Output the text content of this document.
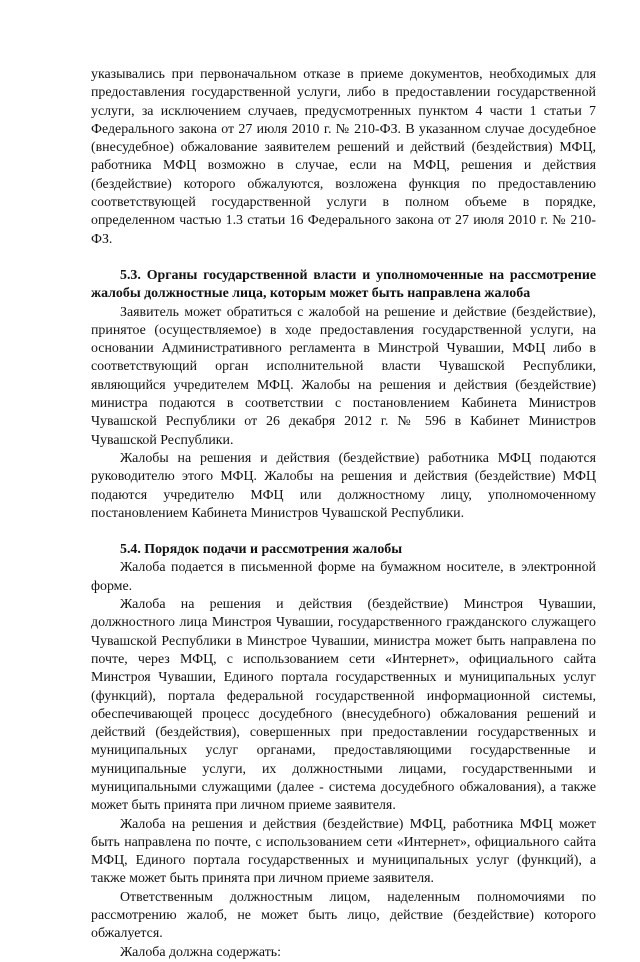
указывались при первоначальном отказе в приеме документов, необходимых для предоставления государственной услуги, либо в предоставлении государственной услуги, за исключением случаев, предусмотренных пунктом 4 части 1 статьи 7 Федерального закона от 27 июля 2010 г. № 210-ФЗ. В указанном случае досудебное (внесудебное) обжалование заявителем решений и действий (бездействия) МФЦ, работника МФЦ возможно в случае, если на МФЦ, решения и действия (бездействие) которого обжалуются, возложена функция по предоставлению соответствующей государственной услуги в полном объеме в порядке, определенном частью 1.3 статьи 16 Федерального закона от 27 июля 2010 г. № 210-ФЗ.

5.3. Органы государственной власти и уполномоченные на рассмотрение жалобы должностные лица, которым может быть направлена жалоба

Заявитель может обратиться с жалобой на решение и действие (бездействие), принятое (осуществляемое) в ходе предоставления государственной услуги, на основании Административного регламента в Минстрой Чувашии, МФЦ либо в соответствующий орган исполнительной власти Чувашской Республики, являющийся учредителем МФЦ. Жалобы на решения и действия (бездействие) министра подаются в соответствии с постановлением Кабинета Министров Чувашской Республики от 26 декабря 2012 г. № 596 в Кабинет Министров Чувашской Республики.

Жалобы на решения и действия (бездействие) работника МФЦ подаются руководителю этого МФЦ. Жалобы на решения и действия (бездействие) МФЦ подаются учредителю МФЦ или должностному лицу, уполномоченному постановлением Кабинета Министров Чувашской Республики.

5.4. Порядок подачи и рассмотрения жалобы

Жалоба подается в письменной форме на бумажном носителе, в электронной форме.

Жалоба на решения и действия (бездействие) Минстроя Чувашии, должностного лица Минстроя Чувашии, государственного гражданского служащего Чувашской Республики в Минстрое Чувашии, министра может быть направлена по почте, через МФЦ, с использованием сети «Интернет», официального сайта Минстроя Чувашии, Единого портала государственных и муниципальных услуг (функций), портала федеральной государственной информационной системы, обеспечивающей процесс досудебного (внесудебного) обжалования решений и действий (бездействия), совершенных при предоставлении государственных и муниципальных услуг органами, предоставляющими государственные и муниципальные услуги, их должностными лицами, государственными и муниципальными служащими (далее - система досудебного обжалования), а также может быть принята при личном приеме заявителя.

Жалоба на решения и действия (бездействие) МФЦ, работника МФЦ может быть направлена по почте, с использованием сети «Интернет», официального сайта МФЦ, Единого портала государственных и муниципальных услуг (функций), а также может быть принята при личном приеме заявителя.

Ответственным должностным лицом, наделенным полномочиями по рассмотрению жалоб, не может быть лицо, действие (бездействие) которого обжалуется.

Жалоба должна содержать:
